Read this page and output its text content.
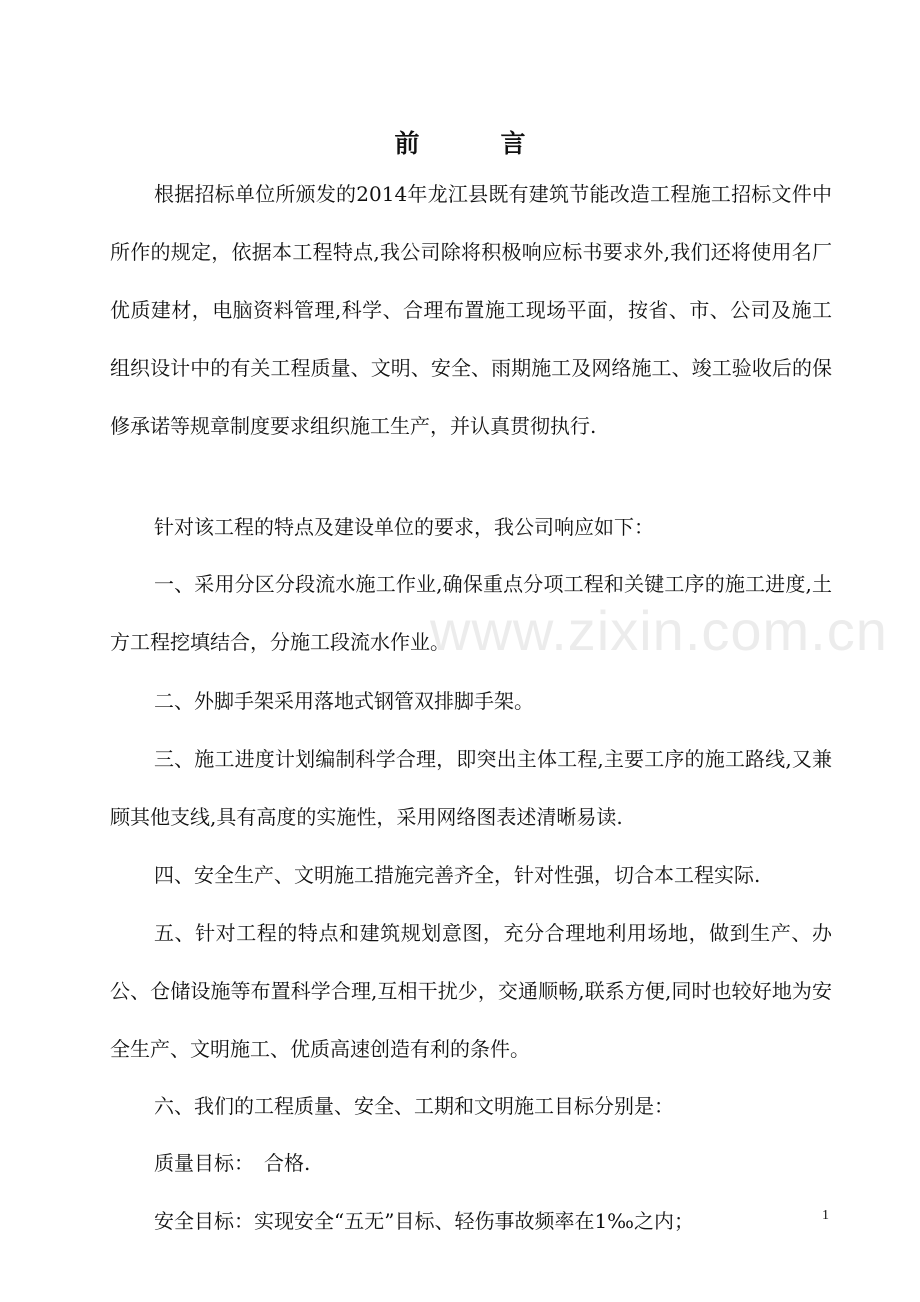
前　言

根据招标单位所颁发的2014年龙江县既有建筑节能改造工程施工招标文件中所作的规定，依据本工程特点,我公司除将积极响应标书要求外,我们还将使用名厂优质建材，电脑资料管理,科学、合理布置施工现场平面，按省、市、公司及施工组织设计中的有关工程质量、文明、安全、雨期施工及网络施工、竣工验收后的保修承诺等规章制度要求组织施工生产，并认真贯彻执行.

针对该工程的特点及建设单位的要求，我公司响应如下：

一、采用分区分段流水施工作业,确保重点分项工程和关键工序的施工进度,土方工程挖填结合，分施工段流水作业。

二、外脚手架采用落地式钢管双排脚手架。

三、施工进度计划编制科学合理，即突出主体工程,主要工序的施工路线,又兼顾其他支线,具有高度的实施性，采用网络图表述清晰易读.

四、安全生产、文明施工措施完善齐全，针对性强，切合本工程实际.

五、针对工程的特点和建筑规划意图，充分合理地利用场地，做到生产、办公、仓储设施等布置科学合理,互相干扰少，交通顺畅,联系方便,同时也较好地为安全生产、文明施工、优质高速创造有利的条件。

六、我们的工程质量、安全、工期和文明施工目标分别是：

质量目标：　合格.

安全目标：实现安全“五无”目标、轻伤事故频率在1‰之内；

www.zixin.com.cn
1
